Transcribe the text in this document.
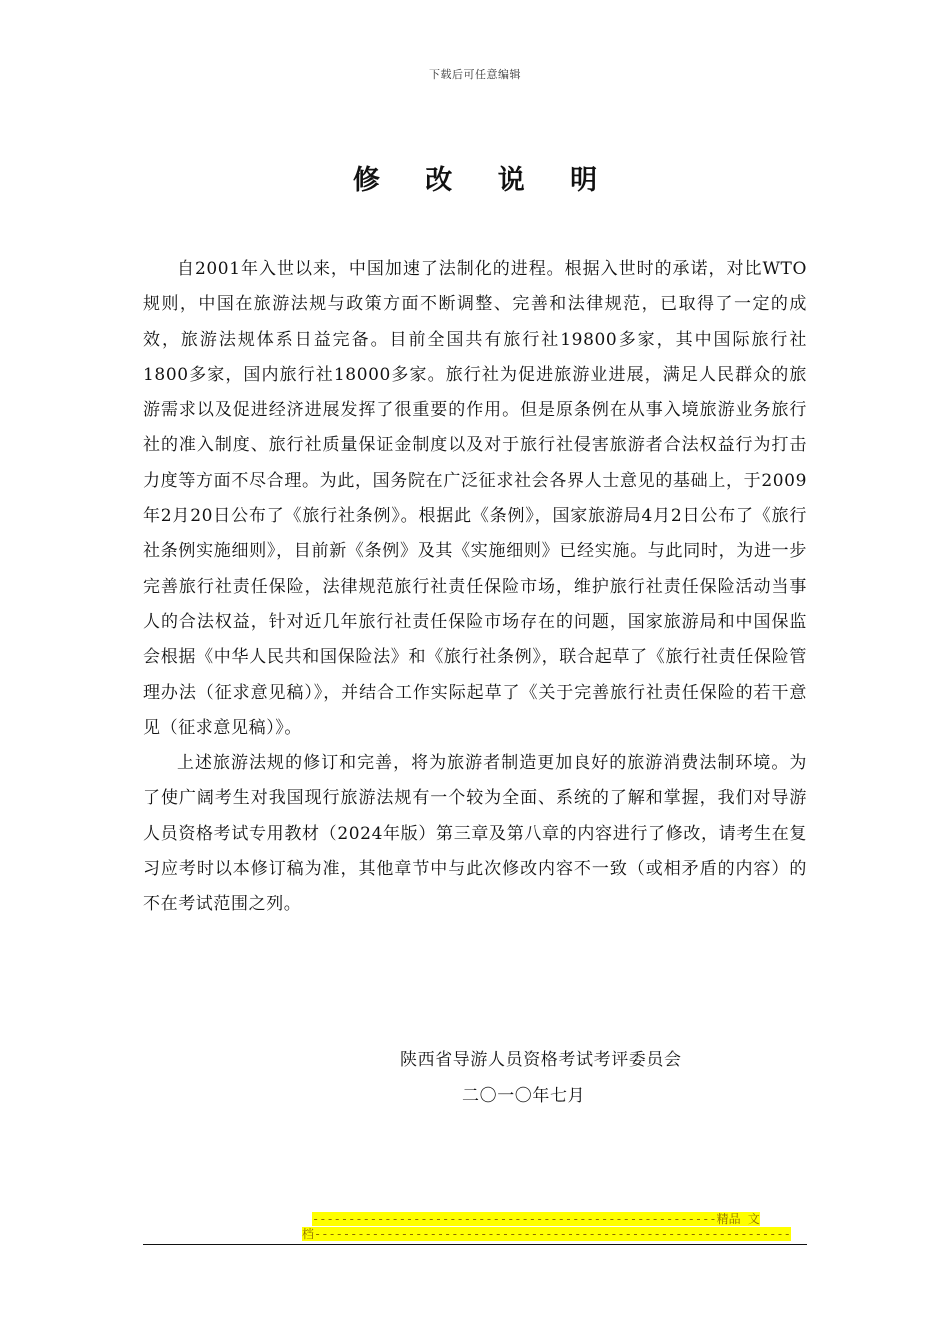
下载后可任意编辑
修 改 说 明

自2001年入世以来，中国加速了法制化的进程。根据入世时的承诺，对比WTO规则，中国在旅游法规与政策方面不断调整、完善和法律规范，已取得了一定的成效，旅游法规体系日益完备。目前全国共有旅行社19800多家，其中国际旅行社1800多家，国内旅行社18000多家。旅行社为促进旅游业进展，满足人民群众的旅游需求以及促进经济进展发挥了很重要的作用。但是原条例在从事入境旅游业务旅行社的准入制度、旅行社质量保证金制度以及对于旅行社侵害旅游者合法权益行为打击力度等方面不尽合理。为此，国务院在广泛征求社会各界人士意见的基础上，于2009年2月20日公布了《旅行社条例》。根据此《条例》，国家旅游局4月2日公布了《旅行社条例实施细则》，目前新《条例》及其《实施细则》已经实施。与此同时，为进一步完善旅行社责任保险，法律规范旅行社责任保险市场，维护旅行社责任保险活动当事人的合法权益，针对近几年旅行社责任保险市场存在的问题，国家旅游局和中国保监会根据《中华人民共和国保险法》和《旅行社条例》，联合起草了《旅行社责任保险管理办法（征求意见稿）》，并结合工作实际起草了《关于完善旅行社责任保险的若干意见（征求意见稿）》。

上述旅游法规的修订和完善，将为旅游者制造更加良好的旅游消费法制环境。为了使广阔考生对我国现行旅游法规有一个较为全面、系统的了解和掌握，我们对导游人员资格考试专用教材（2024年版）第三章及第八章的内容进行了修改，请考生在复习应考时以本修订稿为准，其他章节中与此次修改内容不一致（或相矛盾的内容）的不在考试范围之列。

陕西省导游人员资格考试考评委员会
二〇一〇年七月
--------------------------------------------------------精品 文
档------------------------------------------------------------------
